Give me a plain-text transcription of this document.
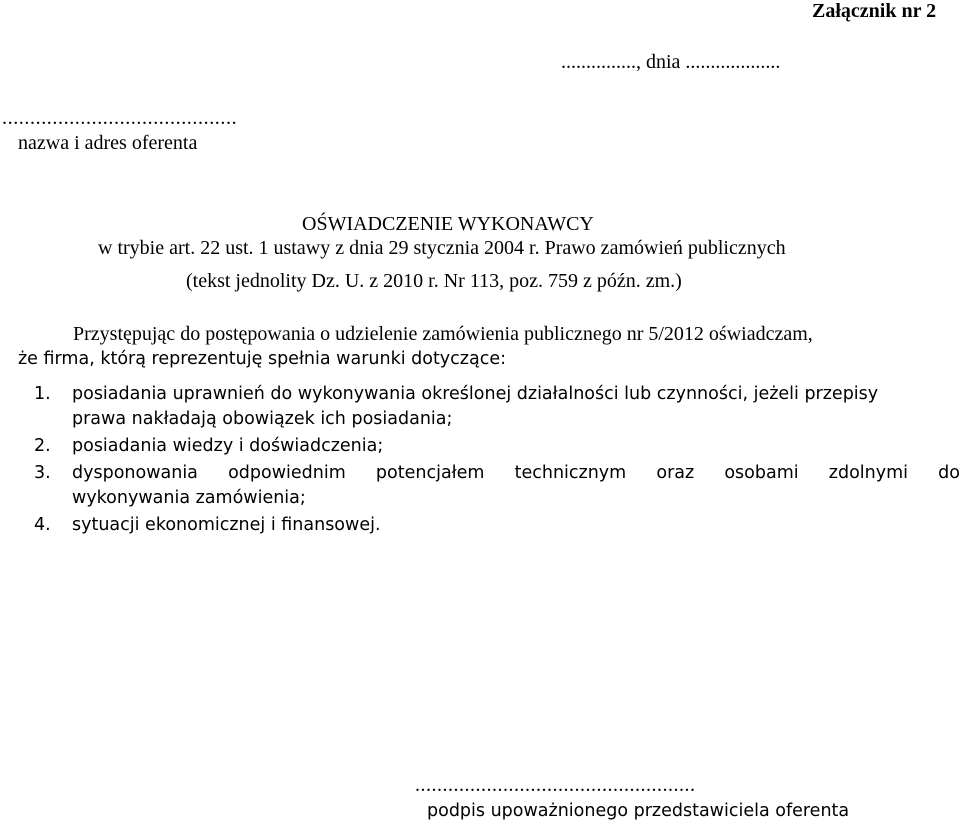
Załącznik nr 2
..............., dnia ...................
..........................................
nazwa i adres oferenta
OŚWIADCZENIE WYKONAWCY
w trybie art. 22 ust. 1 ustawy z dnia 29 stycznia 2004 r. Prawo zamówień publicznych
(tekst jednolity Dz. U. z 2010 r. Nr 113, poz. 759 z późn. zm.)
Przystępując do postępowania o udzielenie zamówienia publicznego nr 5/2012 oświadczam,
że firma, którą reprezentuję spełnia warunki dotyczące:
1. posiadania uprawnień do wykonywania określonej działalności lub czynności, jeżeli przepisy
prawa nakładają obowiązek ich posiadania;
2. posiadania wiedzy i doświadczenia;
3. dysponowania odpowiednim potencjałem technicznym oraz osobami zdolnymi do
wykonywania zamówienia;
4. sytuacji ekonomicznej i finansowej.
...................................................
podpis upoważnionego przedstawiciela oferenta
